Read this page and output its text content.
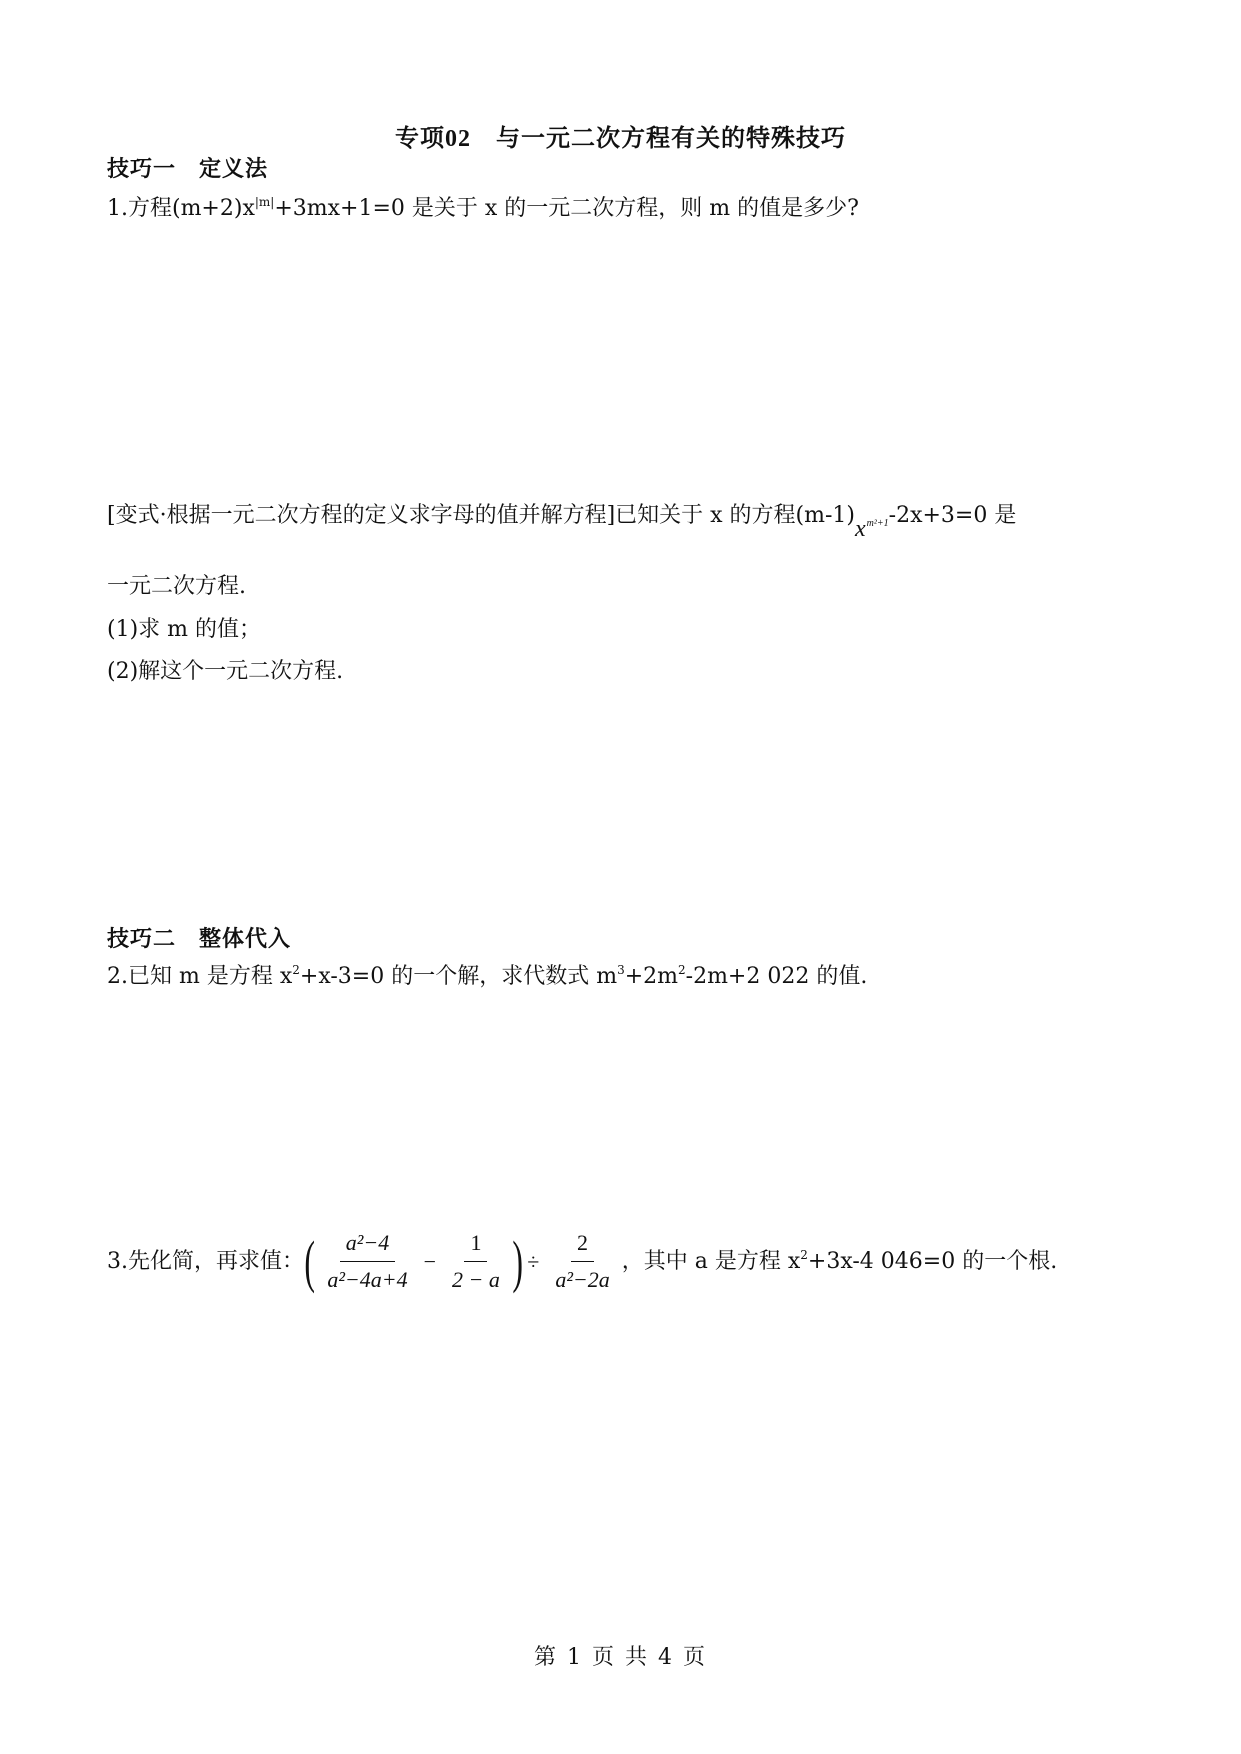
专项02　 与一元二次方程有关的特殊技巧
技巧一　定义法
1.方程$(m+2)x^{|m|}+3mx+1=0$ 是关于 x 的一元二次方程，则 m 的值是多少?
[变式·根据一元二次方程的定义求字母的值并解方程]已知关于 x 的方程$(m-1)x^{m^2+1}-2x+3=0$ 是
一元二次方程.
(1)求 m 的值；
(2)解这个一元二次方程.
技巧二　整体代入
2.已知 m 是方程 $x^2+x-3=0$ 的一个解，求代数式 $m^3+2m^2-2m+2$ 022 的值.
3.先化简，再求值： ( $\frac{\text{a²−4}}{\text{a²−4a+4}} - \frac{1}{2 - a}$ ) ÷ $\frac{2}{\text{a²−2a}}$ ，其中 a 是方程 $x^2+3x-4$ 046=0 的一个根.
第 1 页 共 4 页
